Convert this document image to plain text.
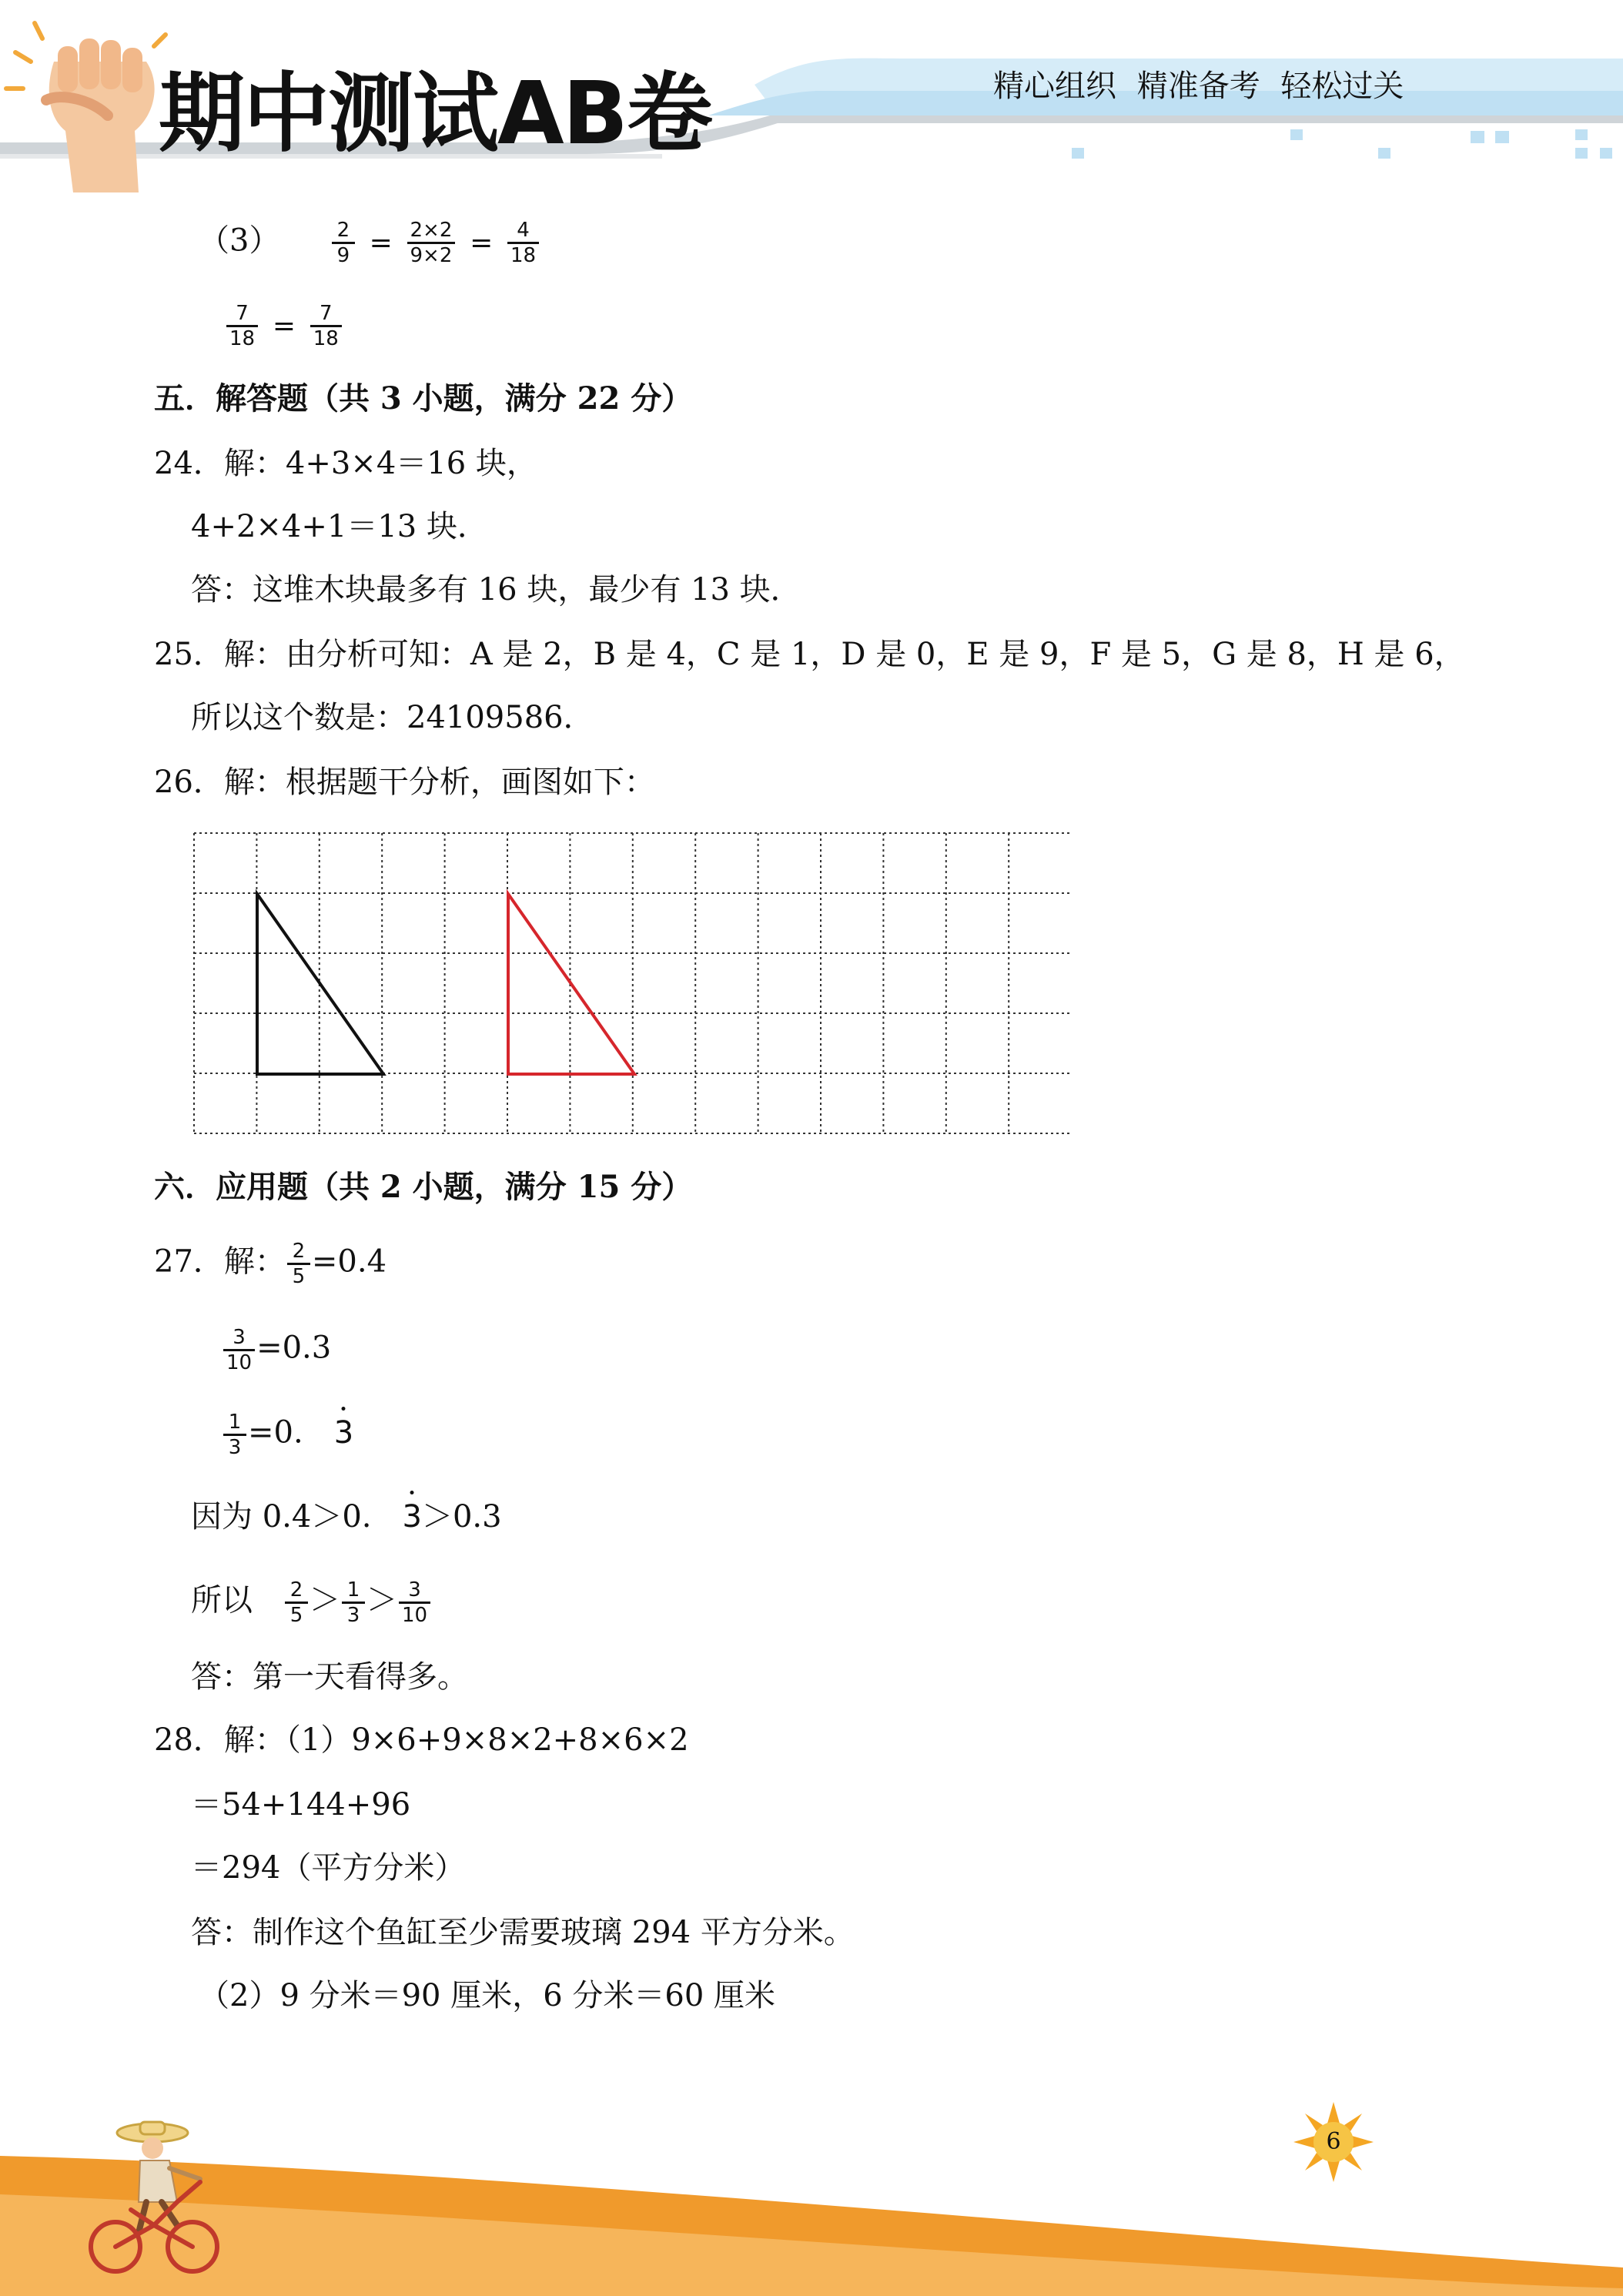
期中测试AB卷	精心组织 精准备考 轻松过关
（3）	$\frac{2}{9} = \frac{2\times 2}{9\times 2} = \frac{4}{18}$
$\frac{7}{18} = \frac{7}{18}$
五．解答题（共 3 小题，满分 22 分）
24．解：4+3×4＝16 块，
4+2×4+1＝13 块．
答：这堆木块最多有 16 块，最少有 13 块．
25．解：由分析可知：A 是 2，B 是 4，C 是 1，D 是 0，E 是 9，F 是 5，G 是 8，H 是 6，
所以这个数是：24109586．
26．解：根据题干分析，画图如下：
六．应用题（共 2 小题，满分 15 分）
27．解： $\frac{2}{5} =0.4$
$\frac{3}{10} =0.3$
$\frac{1}{3} =0$. 3
因为 0.4＞0. 3＞0.3
所以 $\frac{2}{5} > \frac{1}{3} > \frac{3}{10}$
答：第一天看得多。
28．解：（1）9×6+9×8×2+8×6×2
＝54+144+96
＝294（平方分米）
答：制作这个鱼缸至少需要玻璃 294 平方分米。
（2）9 分米＝90 厘米，6 分米＝60 厘米
6
